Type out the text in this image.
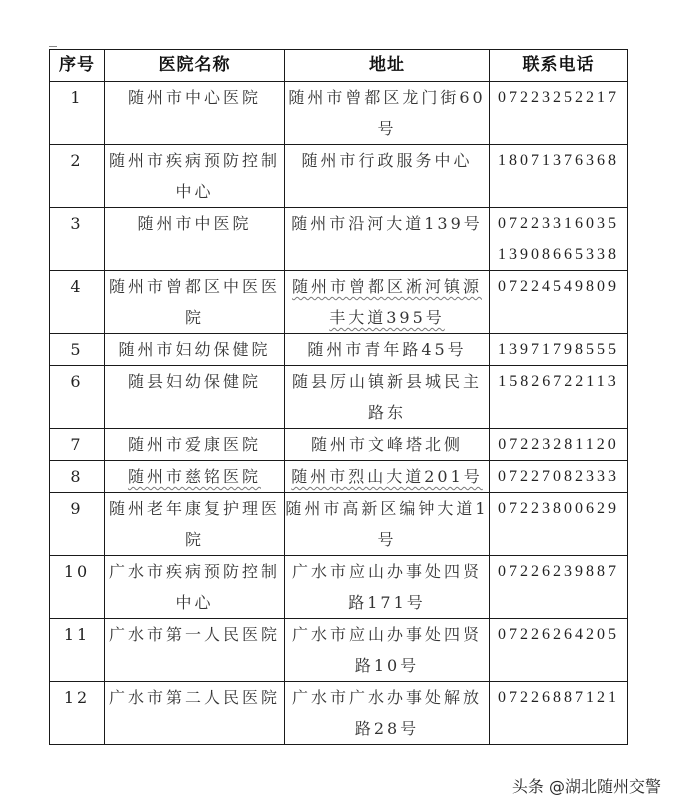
序号	医院名称	地址	联系电话
1	随州市中心医院	随州市曾都区龙门街60号	07223252217

2	随州市疾病预防控制中心	随州市行政服务中心	18071376368

3	随州市中医院	随州市沿河大道139号	07223316035
13908665338

4	随州市曾都区中医医院	随州市曾都区淅河镇源丰大道395号	07224549809

5	随州市妇幼保健院	随州市青年路45号	13971798555

6	随县妇幼保健院	随县厉山镇新县城民主路东	15826722113

7	随州市爱康医院	随州市文峰塔北侧	07223281120

8	随州市慈铭医院	随州市烈山大道201号	07227082333

9	随州老年康复护理医院	随州市高新区编钟大道1号	07223800629

10	广水市疾病预防控制中心	广水市应山办事处四贤路171号	07226239887

11	广水市第一人民医院	广水市应山办事处四贤路10号	07226264205

12	广水市第二人民医院	广水市广水办事处解放路28号	07226887121
头条 @湖北随州交警
